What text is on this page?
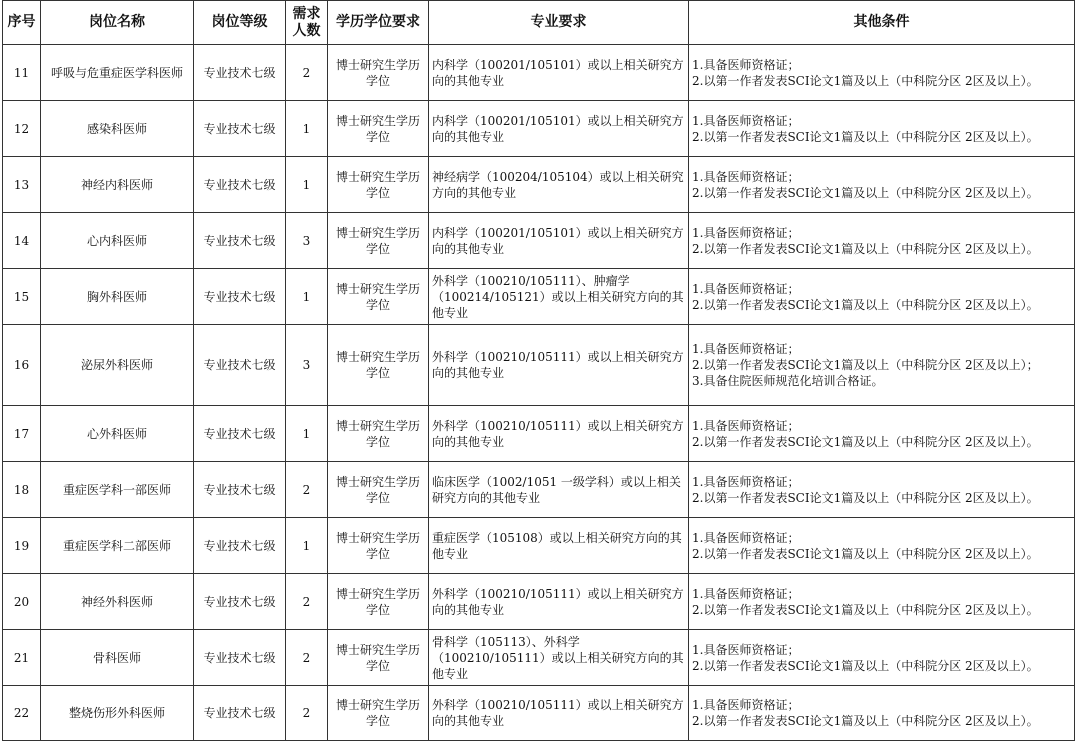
序号	岗位名称	岗位等级	需求人数	学历学位要求	专业要求	其他条件
11	呼吸与危重症医学科医师	专业技术七级	2	博士研究生学历学位	内科学（100201/105101）或以上相关研究方向的其他专业	1.具备医师资格证；
2.以第一作者发表SCI论文1篇及以上（中科院分区 2区及以上）。

12	感染科医师	专业技术七级	1	博士研究生学历学位	内科学（100201/105101）或以上相关研究方向的其他专业	1.具备医师资格证；
2.以第一作者发表SCI论文1篇及以上（中科院分区 2区及以上）。

13	神经内科医师	专业技术七级	1	博士研究生学历学位	神经病学（100204/105104）或以上相关研究方向的其他专业	1.具备医师资格证；
2.以第一作者发表SCI论文1篇及以上（中科院分区 2区及以上）。

14	心内科医师	专业技术七级	3	博士研究生学历学位	内科学（100201/105101）或以上相关研究方向的其他专业	1.具备医师资格证；
2.以第一作者发表SCI论文1篇及以上（中科院分区 2区及以上）。

15	胸外科医师	专业技术七级	1	博士研究生学历学位	外科学（100210/105111）、肿瘤学（100214/105121）或以上相关研究方向的其他专业	1.具备医师资格证；
2.以第一作者发表SCI论文1篇及以上（中科院分区 2区及以上）。

16	泌尿外科医师	专业技术七级	3	博士研究生学历学位	外科学（100210/105111）或以上相关研究方向的其他专业	1.具备医师资格证；
2.以第一作者发表SCI论文1篇及以上（中科院分区 2区及以上）；
3.具备住院医师规范化培训合格证。

17	心外科医师	专业技术七级	1	博士研究生学历学位	外科学（100210/105111）或以上相关研究方向的其他专业	1.具备医师资格证；
2.以第一作者发表SCI论文1篇及以上（中科院分区 2区及以上）。

18	重症医学科一部医师	专业技术七级	2	博士研究生学历学位	临床医学（1002/1051 一级学科）或以上相关研究方向的其他专业	1.具备医师资格证；
2.以第一作者发表SCI论文1篇及以上（中科院分区 2区及以上）。

19	重症医学科二部医师	专业技术七级	1	博士研究生学历学位	重症医学（105108）或以上相关研究方向的其他专业	1.具备医师资格证；
2.以第一作者发表SCI论文1篇及以上（中科院分区 2区及以上）。

20	神经外科医师	专业技术七级	2	博士研究生学历学位	外科学（100210/105111）或以上相关研究方向的其他专业	1.具备医师资格证；
2.以第一作者发表SCI论文1篇及以上（中科院分区 2区及以上）。

21	骨科医师	专业技术七级	2	博士研究生学历学位	骨科学（105113）、外科学（100210/105111）或以上相关研究方向的其他专业	1.具备医师资格证；
2.以第一作者发表SCI论文1篇及以上（中科院分区 2区及以上）。

22	整烧伤形外科医师	专业技术七级	2	博士研究生学历学位	外科学（100210/105111）或以上相关研究方向的其他专业	1.具备医师资格证；
2.以第一作者发表SCI论文1篇及以上（中科院分区 2区及以上）。
